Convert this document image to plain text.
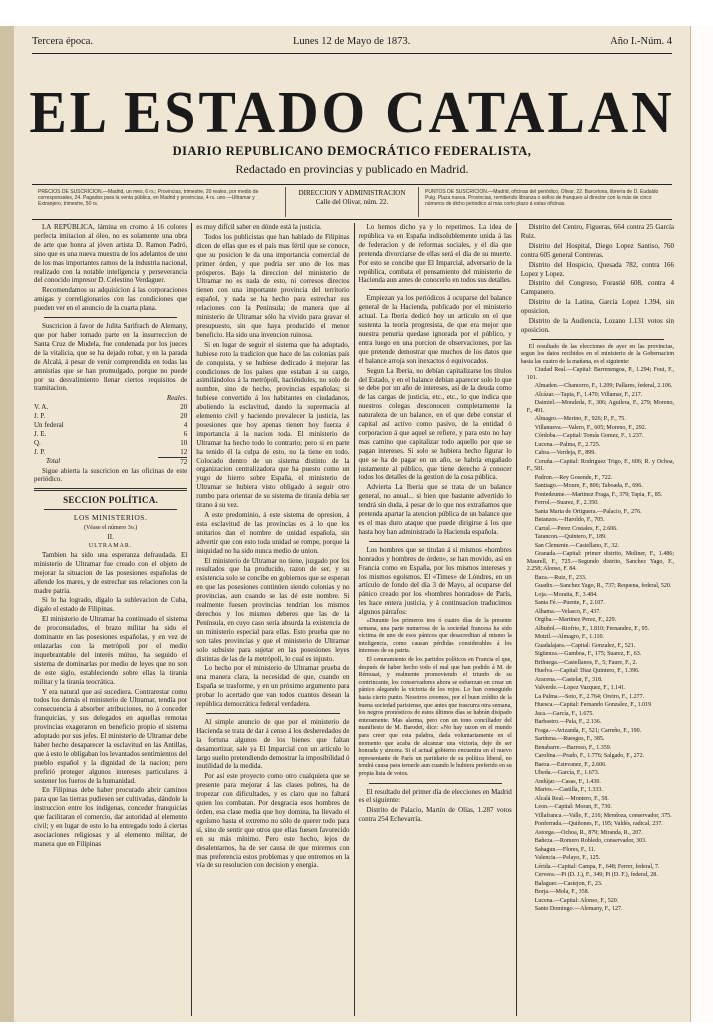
Tercera época.	Lunes 12 de Mayo de 1873.	Año I.-Núm. 4
EL ESTADO CATALAN
DIARIO REPUBLICANO DEMOCRÁTICO FEDERALISTA,
Redactado en provincias y publicado en Madrid.
PRECIOS DE SUSCRICION.—Madrid, un mes, 6 rs.; Provincias, trimestre, 20 reales, por medio de corresponsales, 24. Pagados para la venta pública, en Madrid y provincias, 4 rs. uno.—Ultramar y Extranjero, trimestre, 50 rs.
DIRECCION Y ADMINISTRACION
Calle del Olivar, núm. 22.
PUNTOS DE SUSCRICION.—Madrid, oficinas del periódico, Olivar, 22. Barcelona, librería de D. Eudaldo Puig. Plaza nueva. Provincias, remitiendo libranza o sellos de franqueo al director con la más de cinco números de dicho periodico al más corto plazo á estas oficinas.

LA REPÚBLICA, lámina en cromo á 16 colores perfecta imitacion al óleo, no es solamente una obra de arte que honra al jóven artista D. Ramon Padró, sino que es una nueva muestra de los adelantos de uno de los mas importantes ramos de la industria nacional, realizado con la notable inteligencia y perseverancia del conocido impresor D. Celestino Verdaguer.

Recomendamos su adquisicion á las corporaciones amigas y correligionarios con las condiciones que pueden ver en el anuncio de la cuarta plana.

Suscricion á favor de Julita Sarifrach de Alemany, que por haber tomado parte en la insurreccion de Santa Cruz de Mudela, fue condenada por los jueces de la vitalicia, que se ha dejado robar, y en la parada de Alcalá, á pesar de venir comprendida en todas las amnistías que se han promulgado, porque no puede por su desvalimiento llenar ciertos requisitos de tramitacion.

Reales.
V. A.	20
J. P.	20
Un federal	4
J. E.	6
Q.	10
J. P.	12
Total	72

Sigue abierta la suscricion en las oficinas de este periódico.

SECCION POLÍTICA.
LOS MINISTERIOS.
(Véase el número 3o.)
II.
ULTRAMAR.

Tambien ha sido una esperanza defraudada. El ministerio de Ultramar fue creado con el objeto de mejorar la situacion de las posesiones españolas de allende los mares, y de estrechar sus relaciones con la madre patria.

Si lo ha logrado, dígalo la sublevacion de Cuba, dígalo el estado de Filipinas.

El ministerio de Ultramar ha continuado el sistema de proconsulados, el brazo militar ha sido el dominante en las posesiones españolas, y en vez de enlazarlas con la metrópoli por el medio inquebrantable del interés mútuo, ha seguido el sistema de dominarlas por medio de leyes que no son de este siglo, estableciendo sobre ellas la tiranía militar y la tiranía teocrática.

Y era natural que así sucediera. Contrarestar como todos los demás el ministerio de Ultramar, tendía por consecuencia á absorber atribuciones, no á conceder franquicias, y sus delegados en aquellas remotas provincias exageraron en beneficio propio el sistema adoptado por sus jefes. El ministerio de Ultramar debe haber hecho desaparecer la esclavitud en las Antillas, que á esto le obligaban los levantados sentimientos del pueblo español y la dignidad de la nacion; pero prefirió proteger algunos intereses particulares á sostener los fueros de la humanidad.

En Filipinas debe haber procurado abrir caminos para que las tierras pudiesen ser cultivadas, dándole la instruccion entre los indígenas, conceder franquicias que facilitaran el comercio, dar autoridad al elemento civil; y en lugar de esto lo ha entregado todo á ciertas asociaciones religiosas y al elemento militar, de manera que en Filipinas

es muy difícil saber en dónde está la justicia.

Todos los publicistas que han hablado de Filipinas dicen de ellas que es el país mas fértil que se conoce, que su posicion le da una importancia comercial de primer órden, y que podría ser uno de los mas prósperos. Bajo la direccion del ministerio de Ultramar no es nada de esto, ni corresos directos tienen con una importante provincia del territorio español, y nada se ha hecho para estrechar sus relaciones con la Península; de manera que al ministerio de Ultramar sólo ha vivido para gravar el presupuesto, sin que haya producido el menor beneficio. Ha sido una invencion ruinosa.

Si en lugar de seguir el sistema que ha adoptado, hubiese roto la tradicion que hace de las colonias país de conquista, y se hubiese dedicado á mejorar las condiciones de los países que estaban á su cargo, asimilándolos á la metrópoli, haciéndoles, no solo de nombre, sino de hecho, provincias españolas; si hubiese convertido á los habitantes en ciudadanos, aboliendo la esclavitud, dando la supremacía al elemento civil y haciendo prevalecer la justicia, las posesiones que hoy apenas tienen hoy fuerza é importancia á la nacion toda. El ministerio de Ultramar ha hecho todo lo contrario; pero si en parte ha tenido él la culpa de esto, no la tiene en todo. Colocado dentro de un sistema distinto de la organizacion centralizadora que ha puesto como un yugo de hierro sobre España, el ministerio de Ultramar se hubiera visto obligado á seguir otro rumbo para orientar de su sistema de tiranía debía ser tirano á su vez.

A este predominio, á este sistema de opresion, á esta esclavitud de las provincias es á lo que los unitarios dan el nombre de unidad española, sin advertir que con esto toda unidad se rompe, porque la iniquidad no ha sido nunca medio de union.

El ministerio de Ultramar no tiene, juzgado por los resultados que ha producido, razon de ser, y su existencia solo se concibe en gobiernos que se esperan en que las posesiones continúen siendo colonias y no provincias, aun cuando se las dé este nombre. Si realmente fuesen provincias tendrían los mismos derechos y los mismos deberes que las de la Península, en cuyo caso sería absurda la existencia de un ministerio especial para ellas. Esto prueba que no son tales provincias y que el ministerio de Ultramar solo subsiste para sujetar en las posesiones leyes distintas de las de la metrópoli, lo cual es injusto.

Lo hecho por el ministerio de Ultramar prueba de una manera clara, la necesidad de que, cuando en España se trasforme, y en un próximo argumento para probar lo acertado que van todos cuantos desean la república democrática federal verdadera.

Al simple anuncio de que por el ministerio de Hacienda se trata de dar á censo á los desheredados de la fortuna algunos de los bienes que faltan desamortizar, sale ya El Imparcial con un artículo lo largo suelto pretendiendo demostrar la imposibilidad ó inutilidad de la medida.

Por así este proyecto como otro cualquiera que se presente para mejorar á las clases pobres, ha de tropezar con dificultades, y es claro que no faltará quien los combatan. Por desgracia esos hombres de órden, esa clase media que hoy domina, ha llevado el egoísmo hasta el extremo no sólo de querer todo para sí, sino de sentir que otros que ellas fuesen favorecido en su más mínimo. Pero este hecho, lejos de desalentarnos, ha de ser causa de que miremos con mas preferencia estos problemas y que entremos en la vía de su resolucion con decision y energía.

Lo hemos dicho ya y lo repetimos. La idea de república va en España indisolublemente unida á las de federacion y de reformas sociales, y el día que pretenda divorciarse de ellas será el día de su muerte. Por esto se concibe que El Imparcial, adversario de la república, combata el pensamiento del ministerio de Hacienda aun antes de conocerlo en todos sus detalles.

Empiezan ya los periódicos á ocuparse del balance general de la Hacienda, publicado por el ministerio actual. La Iberia dedicó hoy un artículo en el que sustenta la teoría progresista, de que era mejor que nuestra penuria quedase ignorada por el público, y entra luego en una porcion de observaciones, por las que pretende demostrar que muchos de los datos que el balance arroja son inexactos ó equivocados.

Segun La Iberia, no debían capitalizarse los títulos del Estado, y en el balance debían aparecer solo lo que se debe por un año de intereses, así de la deuda como de las cargas de justicia, etc., etc., lo que indica que nuestros colegas desconocen completamente la naturaleza de un balance, en el que debe constar el capital así activo como pasivo, de la entidad ó corporacion á que aquel se refiere, y para esto no hay mas camino que capitalizar todo aquello por que se pagan intereses. Si solo se hubiera hecho figurar lo que se ha de pagar en un año, se habría engañado justamente al público, que tiene derecho á conocer todos los detalles de la gestion de la cosa pública.

Advierta La Iberia que se trata de un balance general, no anual... si bien que bastante advertido lo tendrá sin duda, á pesar de lo que nos extrañamos que pretenda apartar la atencion pública de un balance que es el mas duro ataque que puede dirigirse á los que hasta hoy han administrado la Hacienda española.

Los hombres que se titulan á sí mismos «hombres honrados y hombres de órden», se han movido, así en Francia como en España, por los mismos intereses y los mismos egoísmos. El «Times» de Lóndres, en un artículo de fondo del día 3 de Mayo, al ocuparse del pánico creado por los «hombres honrados» de París, les hace entera justicia, y á continuacion traducimos algunos párrafos:

«Durante los primeros tres ó cuatro días de la presente semana, una parte numerosa de la sociedad francesa ha sido víctima de uno de esos pánicos que desacreditan al mismo la inteligencia, como causan pérdidas considerables á los intereses de su patria.

El cenuramiento de los partidos políticos en Francia el que, después de haber hecho todo el mal que han podido á M. de Rémusat, y realmente promoviendo el triunfo de su contrincante, los conservadores ahora se esfuerzan en crear un pánico alegando la victoria de los rojos. Lo han conseguido hasta cierto punto. Nosotros creemos, por el buen crédito de la buena sociedad parisiense, que antes que trascurra otra semana, los negros pronósticos de estos últimos días se habrán disipado enteramente. Mas alarma, pero con un tono conciliador del manifiesto de M. Barodet, dice: «No hay razon en el mundo para creer que esta palabra, dada voluntariamente en el momento que acaba de alcanzar una victoria, deje de ser honrada y sincera. Si el actual gobierno encuentra en el nuevo representante de París un partidario de su política liberal, no tendrá causa para temerle aun cuando le hubiera preferido en su propia lista de votos.

El resultado del primer día de elecciones en Madrid es el siguiente:

Distrito de Palacio, Martín de Olías, 1.287 votos contra 254 Echevarría.

Distrito del Centro, Figueras, 664 contra 25 García Ruiz.

Distrito del Hospital, Diego Lopez Santiso, 760 contra 605 general Contreras.

Distrito del Hospicio, Quesada 782, contra 166 Lopez y Lopez.

Distrito del Congreso, Forastié 608, contra 4 Campanero.

Distrito de la Latina, García Lopez 1.394, sin oposicion.

Distrito de la Audiencia, Lozano 1.131 votos sin oposicion.

El resultado de las elecciones de ayer en las provincias, segun los datos recibidos en el ministerio de la Gobernacion hasta las cuatro de la mañana, es el siguiente:

Ciudad Real.—Capital: Barrenengoa, P., 1.294; Fout, F., 101.

Almaden.—Chamorro, F., 1.209; Pallares, federal, 2.106.

Alcázar.—Tapia, F., 1.470; Villamar, F., 217.

Daimiel.—Moraleda, F., 306; Aguilera, F., 279; Moreno, F., 491.

Almagro.—Merino, F., 926; P., F., 75.

Villanueva.—Valero, F., 605; Moreno, F., 292.

Córdoba.—Capital: Tomás Gomez, F., 1.237.

Lucena.—Palma, F., 2.725.

Cabra.—Verdeja, F., 899.

Coruña.—Capital: Rodriguez Trigo, F., 606; R. y Ochoa, F., 581.

Padron.—Rey Gosende, F., 722.

Santiago.—Moure, F., 806; Taboada, F., 696.

Pontedeume.—Martinez Fraga, F., 379; Tapia, F., 85.

Ferrol.—Suarez, F., 2.350.

Santa Marta de Ortiguera.—Palacio, F., 276.

Betanzos.—Haroldo, F., 705.

Carral.—Perez Costales, F., 2.606.

Tarancon.—Quintero, F., 189.

San Clemente.—Castellano, F., 32.

Granada.—Capital: primer distrito, Moliner, F., 1.486; Maurell, F., 725.—Segundo distrito, Sanchez Yago, F., 2.258; Alonso, F. 84.

Baza.—Ruiz, F., 233.

Guadix.—Sanchez Yago, R., 737; Requena, federal, 520.

Loja.—Moraita, F., 3.484.

Santa Fé.—Puente, F., 2.107.

Alhama.—Velasco, F., 437.

Orgiba.—Martinez Perez, F., 229.

Albuñol.—Riofrio, F., 1.810; Fernandez, F., 95.

Motril.—Almagro, F., 1.110.

Guadalajara.—Capital: Gonzalez, F., 521.

Sigüenza.—Gamboa, F., 175; Suarez, F., 63.

Brihuega.—Castellanos, F., 5; Faure, F., 2.

Huelva.—Capital: Diaz Quintero, F., 1.396.

Aracena.—Castelar, F., 318.

Valverde.—Lopez Vazquez, F., 1.141.

La Palma.—Soto, F., 2.764; Oreiro, F., 1.277.

Huesca.—Capital: Fernando Gonzalez, F., 1.019

Jaca.—García, F., 1.675.

Barbastro.—Pala, F., 2.136.

Fraga.—Avizanda, F., 521; Carreño, F., 190.

Sariñena.—Ruesgos, F., 385.

Benabarre.—Barroso, F., 1.359.

Carolina.—Prado, F., 1.776; Salgado, F., 272.

Baeza.—Estevanez, F., 2.606.

Ubeda.—García, F., 1.673.

Andújar.—Casas, F., 1.430.

Martos.—Castilla, F., 1.333.

Alcalá Real.—Montero, F., 58.

Leon.—Capital: Moran, F., 730.

Villafranca.—Valle, F., 216; Mendoza, conservador, 375.

Ponferrada.—Quiñones, F., 195; Valdés, radical, 237.

Astorga.—Ochoa, R., 879; Miranda, R., 207.

Bañeza.—Romero Robledo, conservador, 303.

Sahagun.—Flores, F., 11.

Valencia.—Pelayo, F., 125.

Lérida.—Capital: Campa, F., 648; Ferrer, federal, 7.

Cervera.—Pi (D. J.), F., 349; Pi (D. F.), federal, 28.

Balaguer.—Castejon, F., 23.

Borja.—Mola, F., 358.

Lucena.—Capital: Alonso, F., 520.

Santo Domingo.—Alemany, F., 127.
